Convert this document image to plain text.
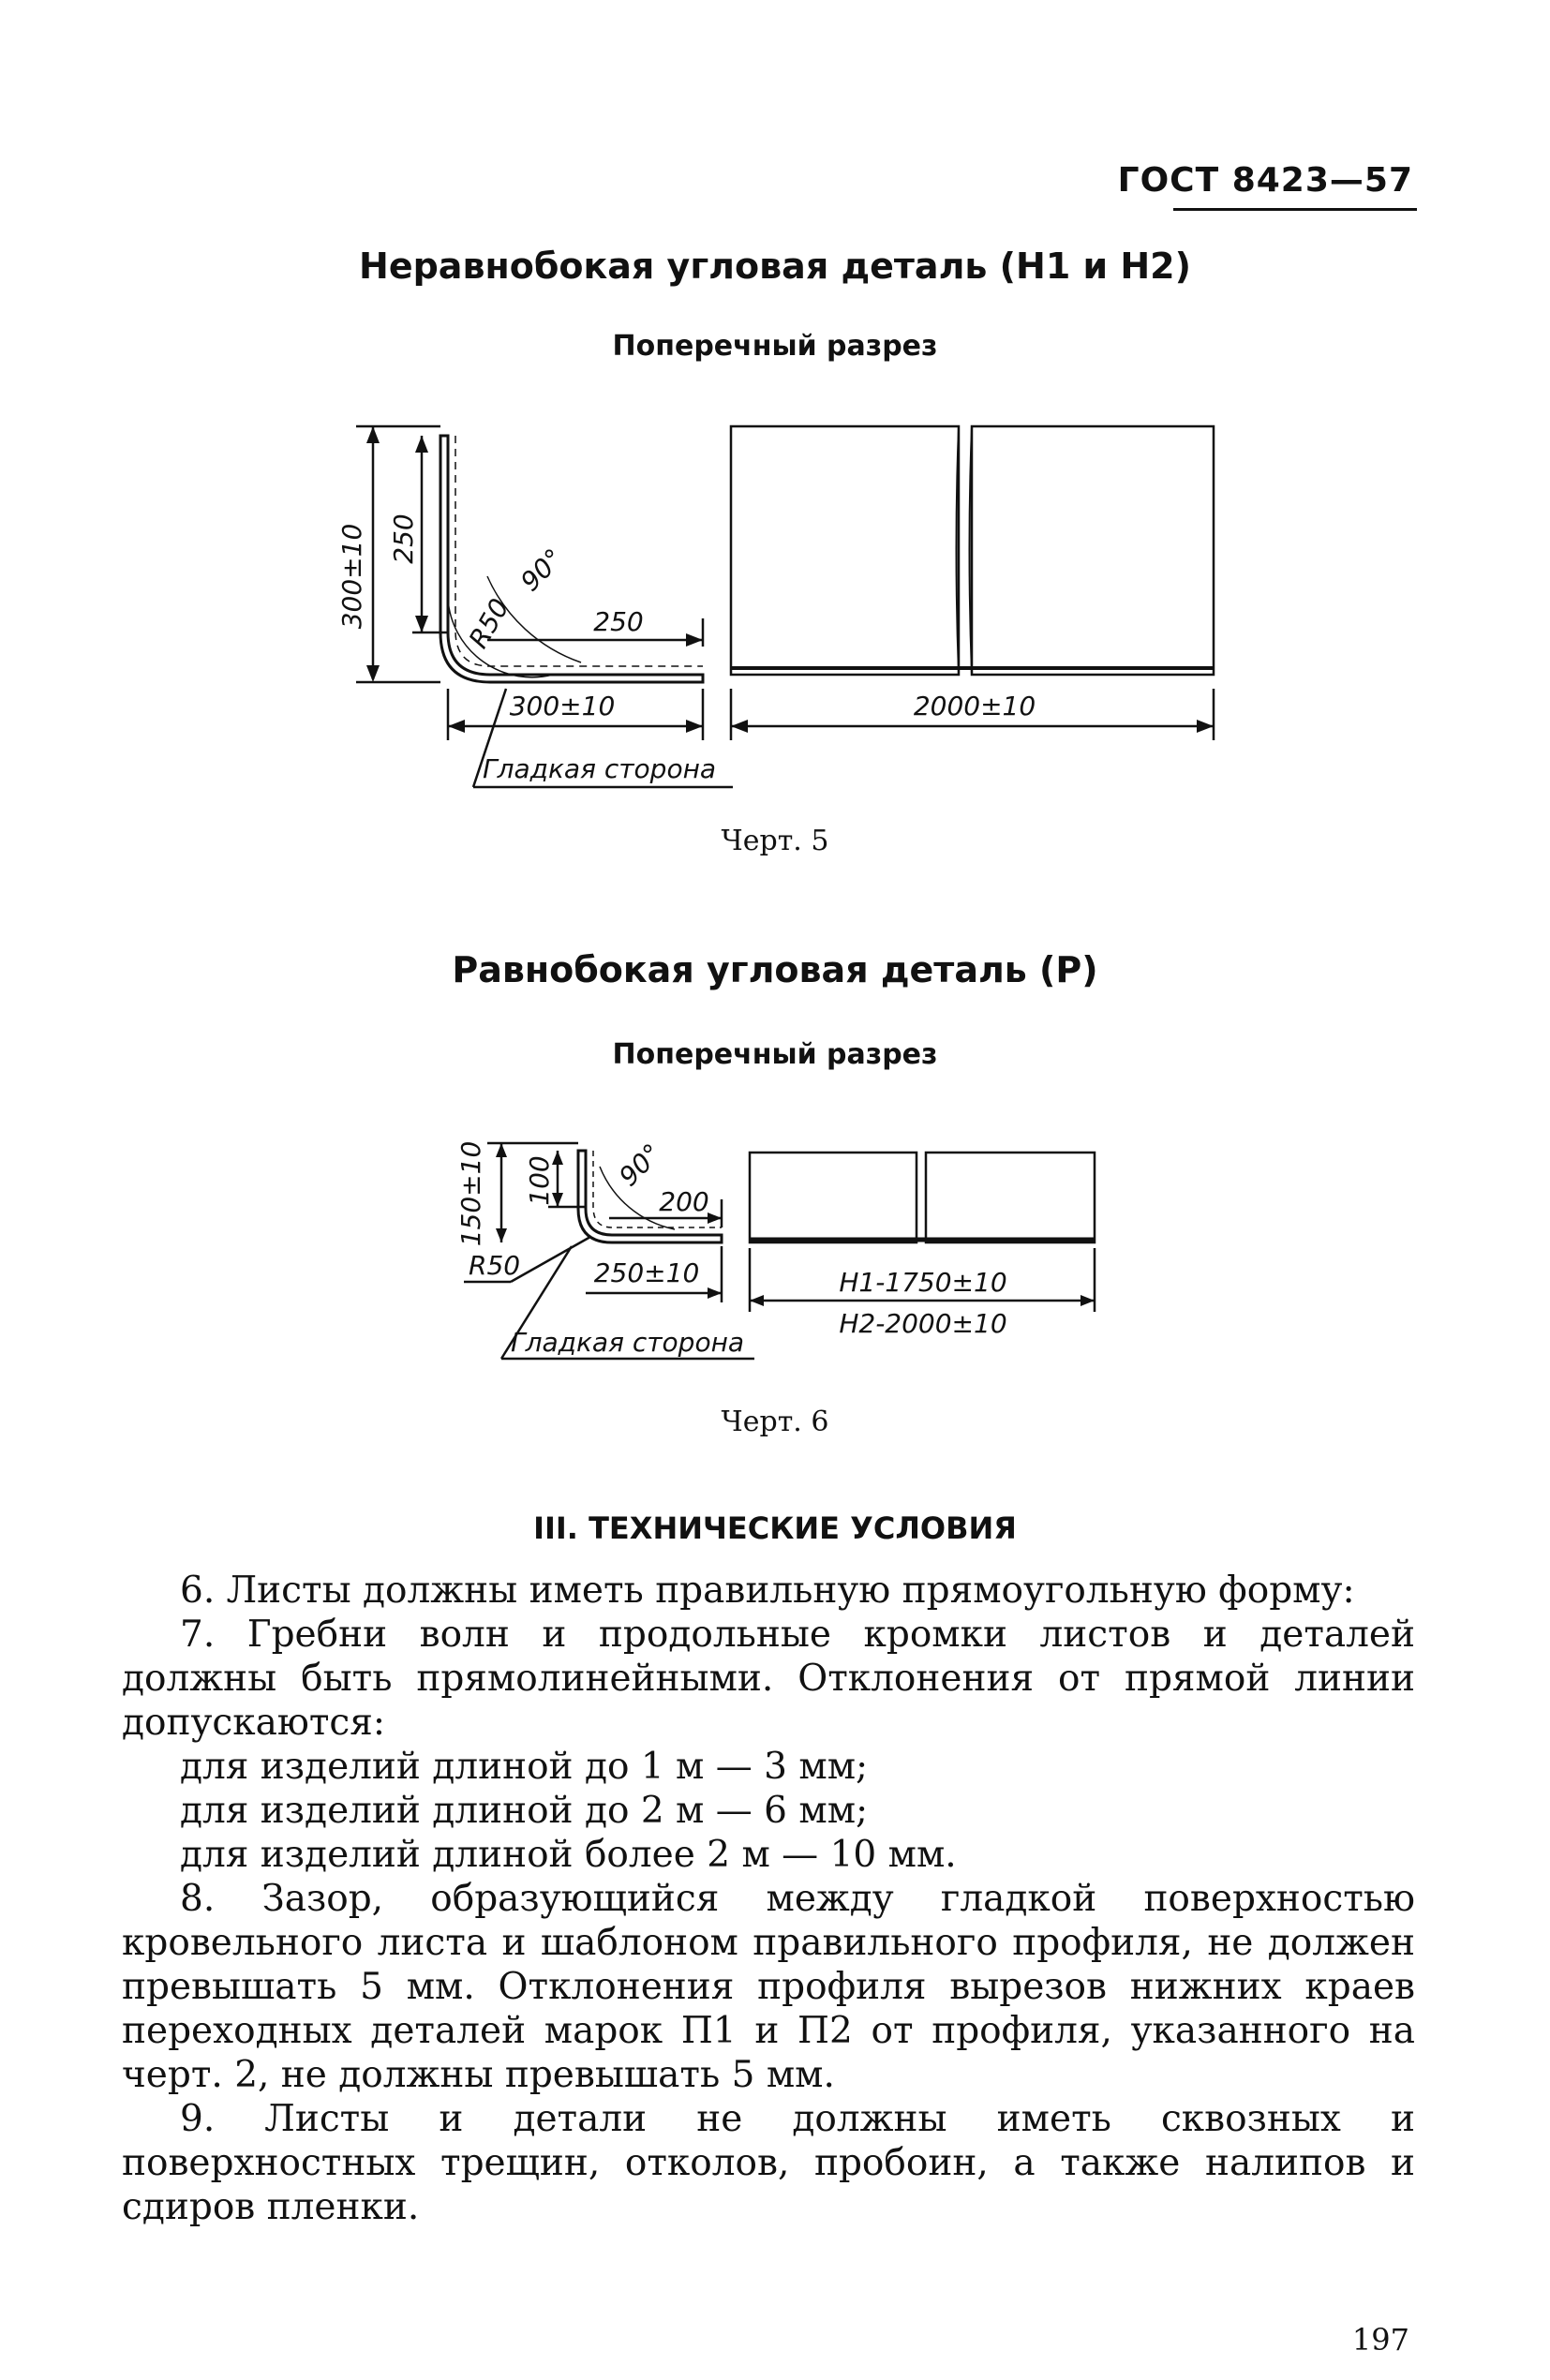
ГОСТ 8423—57
Неравнобокая угловая деталь (Н1 и Н2)
Поперечный разрез
300±10 250
R50
90°
250
300±10	2000±10
Гладкая сторона
Черт. 5
Равнобокая угловая деталь (Р)
Поперечный разрез
150±10 100 90°
200
R50	250±10	Н1-1750±10
Н2-2000±10
Гладкая сторона
Черт. 6
III. ТЕХНИЧЕСКИЕ УСЛОВИЯ

6. Листы должны иметь правильную прямоугольную форму:

7. Гребни волн и продольные кромки листов и деталей должны быть прямолинейными. Отклонения от прямой линии допускаются:

для изделий длиной до 1 м — 3 мм;

для изделий длиной до 2 м — 6 мм;

для изделий длиной более 2 м — 10 мм.

8. Зазор, образующийся между гладкой поверхностью кровельного листа и шаблоном правильного профиля, не должен превышать 5 мм. Отклонения профиля вырезов нижних краев переходных деталей марок П1 и П2 от профиля, указанного на черт. 2, не должны превышать 5 мм.

9. Листы и детали не должны иметь сквозных и поверхностных трещин, отколов, пробоин, а также налипов и сдиров пленки.

197
